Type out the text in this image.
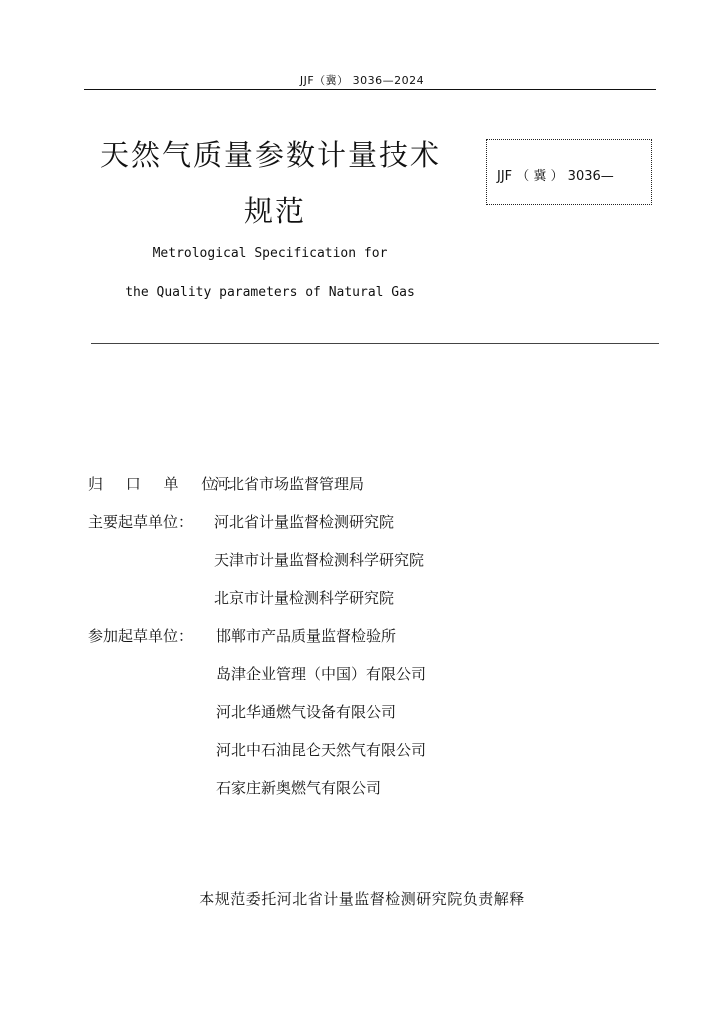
JJF（冀） 3036—2024
天然气质量参数计量技术
规范
JJF （ 冀 ） 3036—
Metrological Specification for
the Quality parameters of Natural Gas
归 口 单 位：
河北省市场监督管理局
主要起草单位： 河北省计量监督检测研究院
天津市计量监督检测科学研究院
北京市计量检测科学研究院
参加起草单位： 邯郸市产品质量监督检验所
岛津企业管理（中国）有限公司
河北华通燃气设备有限公司
河北中石油昆仑天然气有限公司
石家庄新奥燃气有限公司
本规范委托河北省计量监督检测研究院负责解释
